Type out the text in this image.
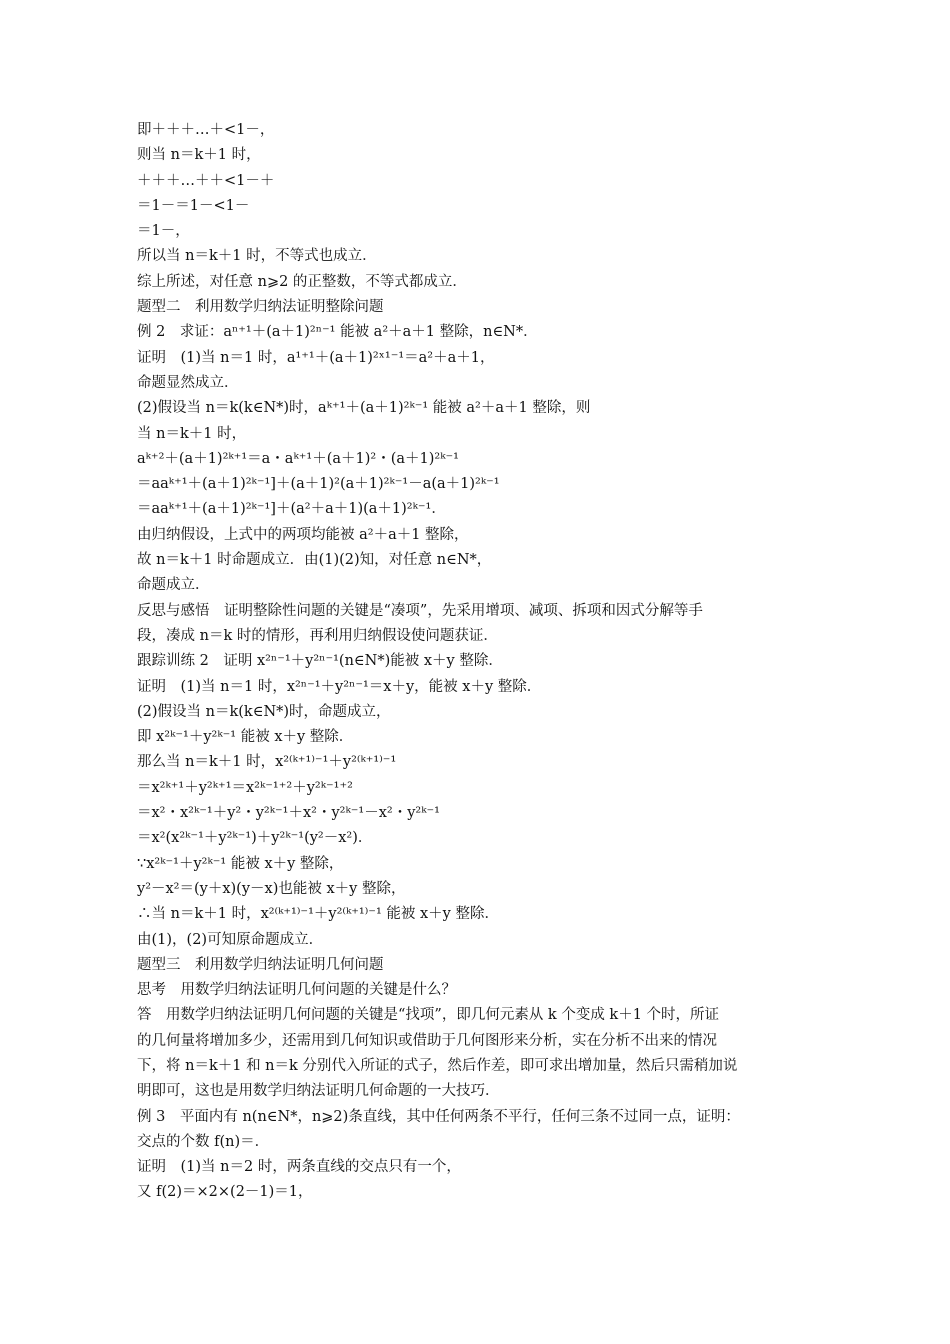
即＋＋＋…＋<1－，
则当 n＝k＋1 时，
＋＋＋…＋＋<1－＋
＝1－＝1－<1－
＝1－，
所以当 n＝k＋1 时，不等式也成立．
综上所述，对任意 n⩾2 的正整数，不等式都成立．
题型二　利用数学归纳法证明整除问题
例 2　求证：aⁿ⁺¹＋(a＋1)²ⁿ⁻¹ 能被 a²＋a＋1 整除，n∈N*．
证明　(1)当 n＝1 时，a¹⁺¹＋(a＋1)²ˣ¹⁻¹＝a²＋a＋1，
命题显然成立．
(2)假设当 n＝k(k∈N*)时，aᵏ⁺¹＋(a＋1)²ᵏ⁻¹ 能被 a²＋a＋1 整除，则
当 n＝k＋1 时，
aᵏ⁺²＋(a＋1)²ᵏ⁺¹＝a・aᵏ⁺¹＋(a＋1)²・(a＋1)²ᵏ⁻¹
＝aaᵏ⁺¹＋(a＋1)²ᵏ⁻¹]＋(a＋1)²(a＋1)²ᵏ⁻¹－a(a＋1)²ᵏ⁻¹
＝aaᵏ⁺¹＋(a＋1)²ᵏ⁻¹]＋(a²＋a＋1)(a＋1)²ᵏ⁻¹．
由归纳假设，上式中的两项均能被 a²＋a＋1 整除，
故 n＝k＋1 时命题成立．由(1)(2)知，对任意 n∈N*，
命题成立．
反思与感悟　证明整除性问题的关键是“凑项”，先采用增项、减项、拆项和因式分解等手
段，凑成 n＝k 时的情形，再利用归纳假设使问题获证．
跟踪训练 2　证明 x²ⁿ⁻¹＋y²ⁿ⁻¹(n∈N*)能被 x＋y 整除．
证明　(1)当 n＝1 时，x²ⁿ⁻¹＋y²ⁿ⁻¹＝x＋y，能被 x＋y 整除．
(2)假设当 n＝k(k∈N*)时，命题成立，
即 x²ᵏ⁻¹＋y²ᵏ⁻¹ 能被 x＋y 整除．
那么当 n＝k＋1 时，x²⁽ᵏ⁺¹⁾⁻¹＋y²⁽ᵏ⁺¹⁾⁻¹
＝x²ᵏ⁺¹＋y²ᵏ⁺¹＝x²ᵏ⁻¹⁺²＋y²ᵏ⁻¹⁺²
＝x²・x²ᵏ⁻¹＋y²・y²ᵏ⁻¹＋x²・y²ᵏ⁻¹－x²・y²ᵏ⁻¹
＝x²(x²ᵏ⁻¹＋y²ᵏ⁻¹)＋y²ᵏ⁻¹(y²－x²)．
∵x²ᵏ⁻¹＋y²ᵏ⁻¹ 能被 x＋y 整除，
y²－x²＝(y＋x)(y－x)也能被 x＋y 整除，
∴当 n＝k＋1 时，x²⁽ᵏ⁺¹⁾⁻¹＋y²⁽ᵏ⁺¹⁾⁻¹ 能被 x＋y 整除．
由(1)，(2)可知原命题成立．
题型三　利用数学归纳法证明几何问题
思考　用数学归纳法证明几何问题的关键是什么？
答　用数学归纳法证明几何问题的关键是“找项”，即几何元素从 k 个变成 k＋1 个时，所证
的几何量将增加多少，还需用到几何知识或借助于几何图形来分析，实在分析不出来的情况
下，将 n＝k＋1 和 n＝k 分别代入所证的式子，然后作差，即可求出增加量，然后只需稍加说
明即可，这也是用数学归纳法证明几何命题的一大技巧．
例 3　平面内有 n(n∈N*，n⩾2)条直线，其中任何两条不平行，任何三条不过同一点，证明：
交点的个数 f(n)＝．
证明　(1)当 n＝2 时，两条直线的交点只有一个，
又 f(2)＝×2×(2－1)＝1，
